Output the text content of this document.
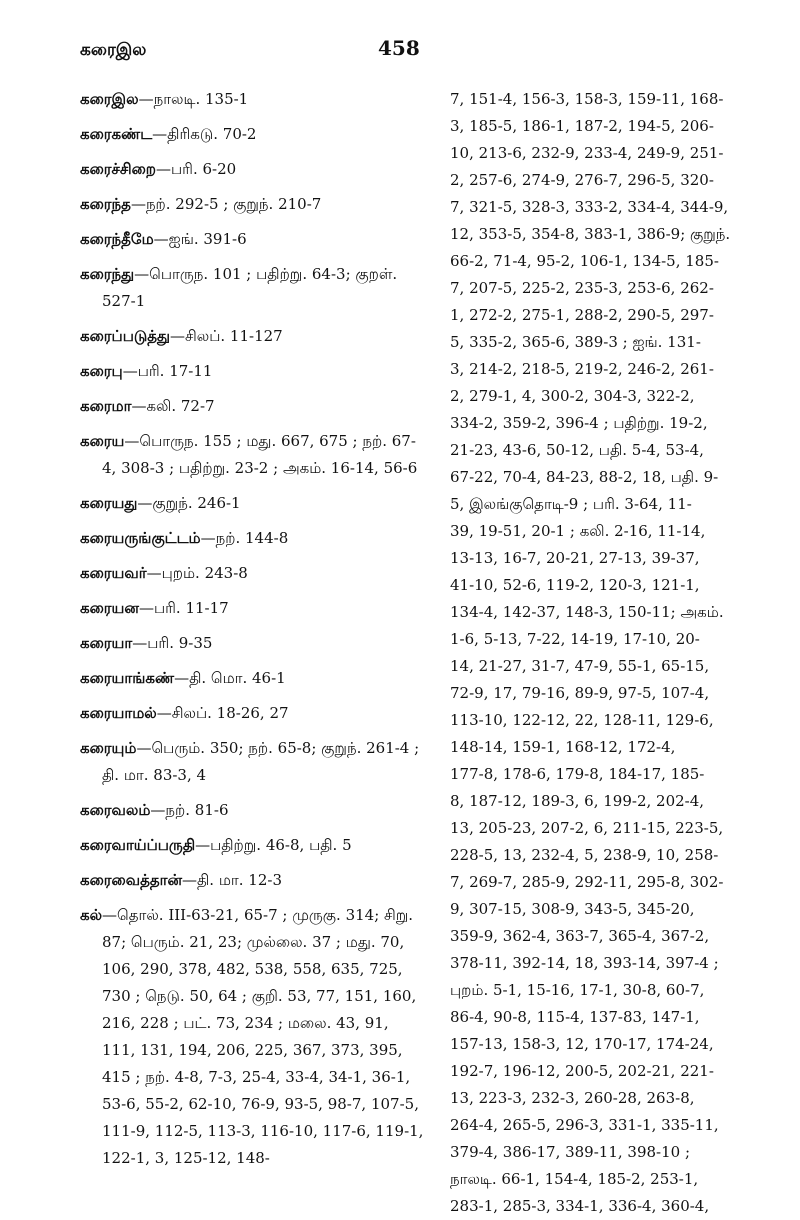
கரைஇல	458
கரைஇல—நாலடி. 135-1
கரைகண்ட—திரிகடு. 70-2
கரைச்சிறை—பரி. 6-20
கரைந்த—நற். 292-5 ; குறுந். 210-7
கரைந்தீமே—ஐங். 391-6
கரைந்து—பொருந. 101 ; பதிற்று. 64-3; குறள். 527-1
கரைப்படுத்து—சிலப். 11-127
கரைபு—பரி. 17-11
கரைமா—கலி. 72-7
கரைய—பொருந. 155 ; மது. 667, 675 ; நற். 67-4, 308-3 ; பதிற்று. 23-2 ; அகம். 16-14, 56-6
கரையது—குறுந். 246-1
கரையருங்குட்டம்—நற். 144-8
கரையவர்—புறம். 243-8
கரையன—பரி. 11-17
கரையா—பரி. 9-35
கரையாங்கண்—தி. மொ. 46-1
கரையாமல்—சிலப். 18-26, 27
கரையும்—பெரும். 350; நற். 65-8; குறுந். 261-4 ; தி. மா. 83-3, 4
கரைவலம்—நற். 81-6
கரைவாய்ப்பருதி—பதிற்று. 46-8, பதி. 5
கரைவைத்தான்—தி. மா. 12-3
கல்—தொல். III-63-21, 65-7 ; முருகு. 314; சிறு. 87; பெரும். 21, 23; முல்லை. 37 ; மது. 70, 106, 290, 378, 482, 538, 558, 635, 725, 730 ; நெடு. 50, 64 ; குறி. 53, 77, 151, 160, 216, 228 ; பட். 73, 234 ; மலை. 43, 91, 111, 131, 194, 206, 225, 367, 373, 395, 415 ; நற். 4-8, 7-3, 25-4, 33-4, 34-1, 36-1, 53-6, 55-2, 62-10, 76-9, 93-5, 98-7, 107-5, 111-9, 112-5, 113-3, 116-10, 117-6, 119-1, 122-1, 3, 125-12, 148-
7, 151-4, 156-3, 158-3, 159-11, 168-
3, 185-5, 186-1, 187-2, 194-5, 206-
10, 213-6, 232-9, 233-4, 249-9, 251-
2, 257-6, 274-9, 276-7, 296-5, 320-
7, 321-5, 328-3, 333-2, 334-4, 344-9,
12, 353-5, 354-8, 383-1, 386-9; குறுந்.
66-2, 71-4, 95-2, 106-1, 134-5, 185-
7, 207-5, 225-2, 235-3, 253-6, 262-
1, 272-2, 275-1, 288-2, 290-5, 297-
5, 335-2, 365-6, 389-3 ; ஐங். 131-
3, 214-2, 218-5, 219-2, 246-2, 261-
2, 279-1, 4, 300-2, 304-3, 322-2,
334-2, 359-2, 396-4 ; பதிற்று. 19-2,
21-23, 43-6, 50-12, பதி. 5-4, 53-4,
67-22, 70-4, 84-23, 88-2, 18, பதி. 9-
5, இலங்குதொடி-9 ; பரி. 3-64, 11-
39, 19-51, 20-1 ; கலி. 2-16, 11-14,
13-13, 16-7, 20-21, 27-13, 39-37,
41-10, 52-6, 119-2, 120-3, 121-1,
134-4, 142-37, 148-3, 150-11; அகம்.
1-6, 5-13, 7-22, 14-19, 17-10, 20-
14, 21-27, 31-7, 47-9, 55-1, 65-15,
72-9, 17, 79-16, 89-9, 97-5, 107-4,
113-10, 122-12, 22, 128-11, 129-6,
148-14, 159-1, 168-12, 172-4,
177-8, 178-6, 179-8, 184-17, 185-
8, 187-12, 189-3, 6, 199-2, 202-4,
13, 205-23, 207-2, 6, 211-15, 223-5,
228-5, 13, 232-4, 5, 238-9, 10, 258-
7, 269-7, 285-9, 292-11, 295-8, 302-
9, 307-15, 308-9, 343-5, 345-20,
359-9, 362-4, 363-7, 365-4, 367-2,
378-11, 392-14, 18, 393-14, 397-4 ;
புறம். 5-1, 15-16, 17-1, 30-8, 60-7,
86-4, 90-8, 115-4, 137-83, 147-1,
157-13, 158-3, 12, 170-17, 174-24,
192-7, 196-12, 200-5, 202-21, 221-
13, 223-3, 232-3, 260-28, 263-8,
264-4, 265-5, 296-3, 331-1, 335-11,
379-4, 386-17, 389-11, 398-10 ;
நாலடி. 66-1, 154-4, 185-2, 253-1,
283-1, 285-3, 334-1, 336-4, 360-4,
